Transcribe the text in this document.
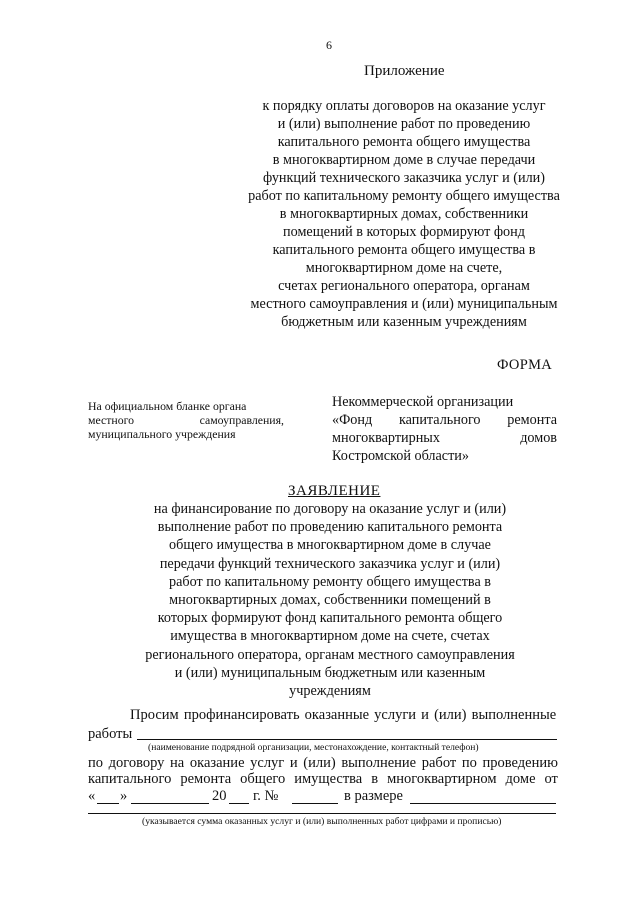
6
Приложение
к порядку оплаты договоров на оказание услуг
и (или) выполнение работ по проведению
капитального ремонта общего имущества
в многоквартирном доме в случае передачи
функций технического заказчика услуг и (или)
работ по капитальному ремонту общего имущества
в многоквартирных домах, собственники
помещений в которых формируют фонд
капитального ремонта общего имущества в
многоквартирном доме на счете,
счетах регионального оператора, органам
местного самоуправления и (или) муниципальным
бюджетным или казенным учреждениям
ФОРМА
На официальном бланке органа
местного	самоуправления,
муниципального учреждения
Некоммерческой организации
«Фонд капитального ремонта
многоквартирных	домов
Костромской области»
ЗАЯВЛЕНИЕ
на финансирование по договору на оказание услуг и (или)
выполнение работ по проведению капитального ремонта
общего имущества в многоквартирном доме в случае
передачи функций технического заказчика услуг и (или)
работ по капитальному ремонту общего имущества в
многоквартирных домах, собственники помещений в
которых формируют фонд капитального ремонта общего
имущества в многоквартирном доме на счете, счетах
регионального оператора, органам местного самоуправления
и (или) муниципальным бюджетным или казенным
учреждениям
Просим профинансировать оказанные услуги и (или) выполненные
работы
(наименование подрядной организации, местонахождение, контактный телефон)
по договору на оказание услуг и (или) выполнение работ по проведению
капитального ремонта общего имущества в многоквартирном доме от
« »	20 г. №	в размере
(указывается сумма оказанных услуг и (или) выполненных работ цифрами и прописью)
